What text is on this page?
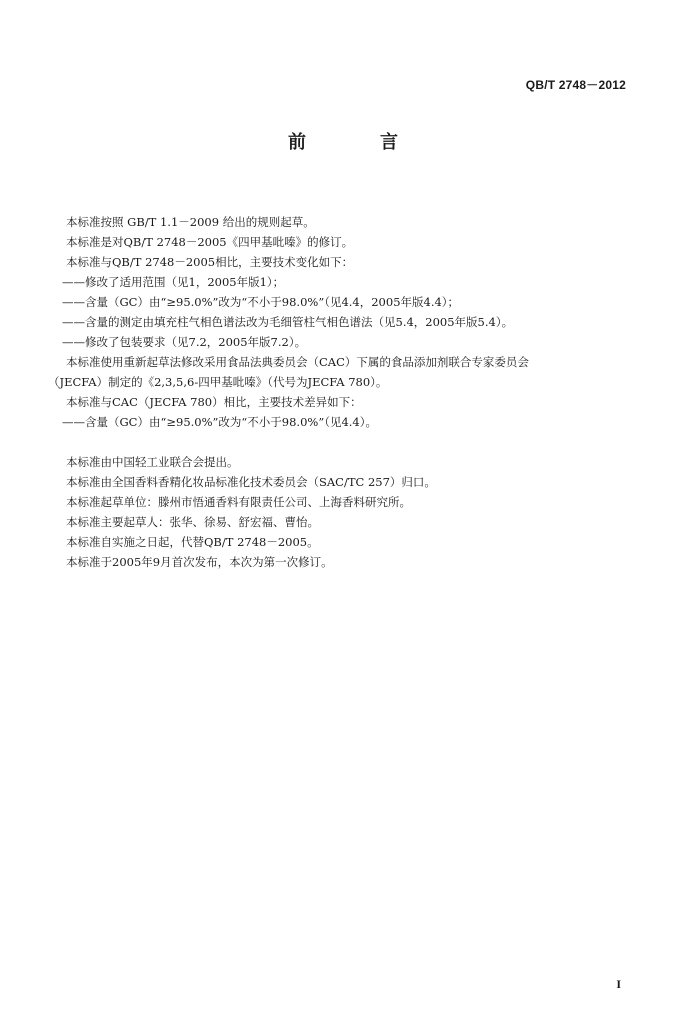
QB/T 2748－2012
前　言
本标准按照 GB/T 1.1－2009 给出的规则起草。
本标准是对QB/T 2748－2005《四甲基吡嗪》的修订。
本标准与QB/T 2748－2005相比，主要技术变化如下：
——修改了适用范围（见1，2005年版1）；
——含量（GC）由“≥95.0%”改为“不小于98.0%”（见4.4，2005年版4.4）；
——含量的测定由填充柱气相色谱法改为毛细管柱气相色谱法（见5.4，2005年版5.4）。
——修改了包装要求（见7.2，2005年版7.2）。
本标准使用重新起草法修改采用食品法典委员会（CAC）下属的食品添加剂联合专家委员会
（JECFA）制定的《2,3,5,6-四甲基吡嗪》（代号为JECFA 780）。
本标准与CAC（JECFA 780）相比，主要技术差异如下：
——含量（GC）由“≥95.0%”改为“不小于98.0%”（见4.4）。
本标准由中国轻工业联合会提出。
本标准由全国香料香精化妆品标准化技术委员会（SAC/TC 257）归口。
本标准起草单位：滕州市悟通香料有限责任公司、上海香料研究所。
本标准主要起草人：张华、徐易、舒宏福、曹怡。
本标准自实施之日起，代替QB/T 2748－2005。
本标准于2005年9月首次发布，本次为第一次修订。
I
